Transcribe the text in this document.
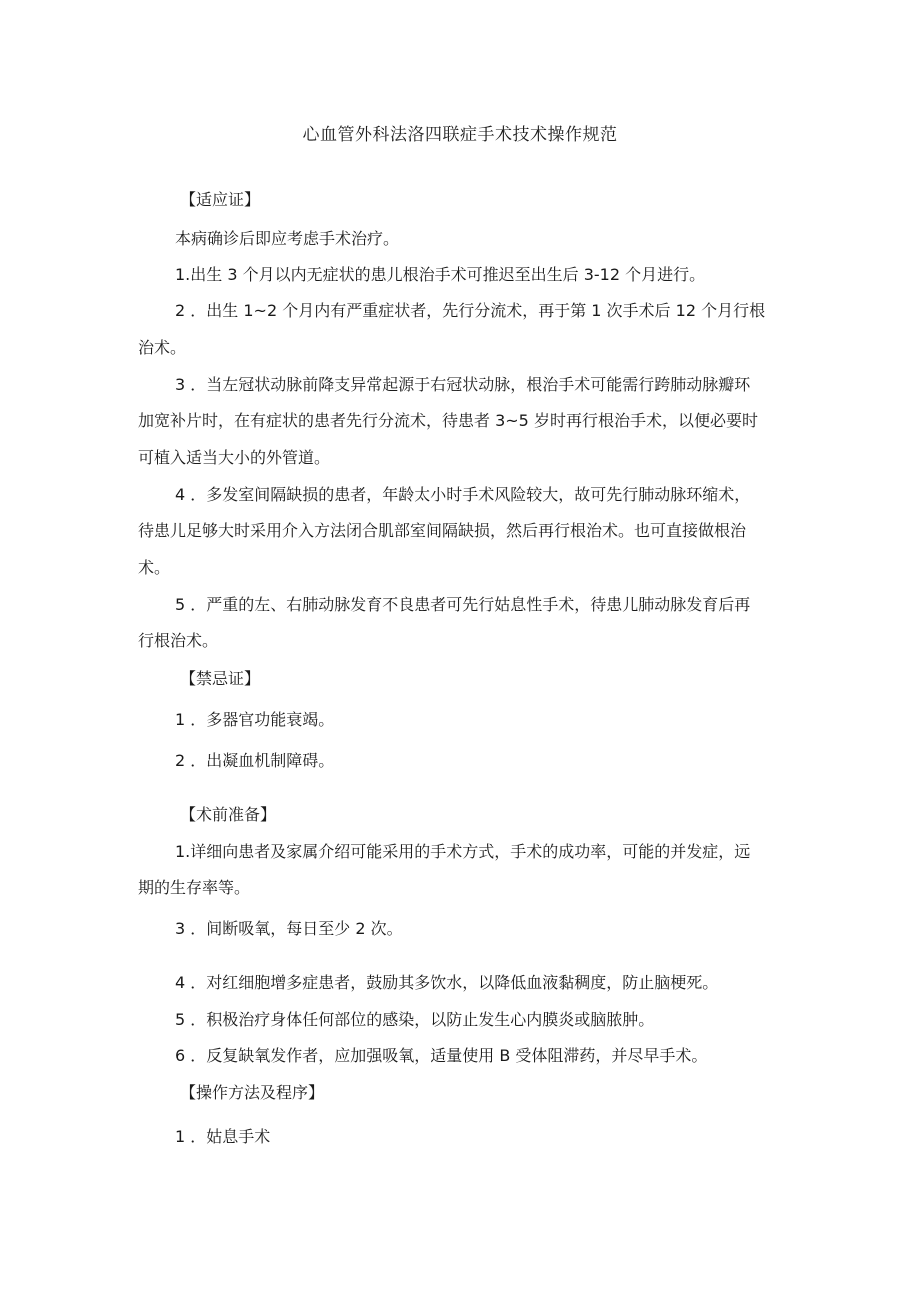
心血管外科法洛四联症手术技术操作规范
【适应证】
本病确诊后即应考虑手术治疗。
1.出生 3 个月以内无症状的患儿根治手术可推迟至出生后 3-12 个月进行。
2 ．出生 1~2 个月内有严重症状者，先行分流术，再于第 1 次手术后 12 个月行根
治术。
3 ．当左冠状动脉前降支异常起源于右冠状动脉，根治手术可能需行跨肺动脉瓣环
加宽补片时，在有症状的患者先行分流术，待患者 3~5 岁时再行根治手术，以便必要时
可植入适当大小的外管道。
4 ．多发室间隔缺损的患者，年龄太小时手术风险较大，故可先行肺动脉环缩术，
待患儿足够大时采用介入方法闭合肌部室间隔缺损，然后再行根治术。也可直接做根治
术。
5 ．严重的左、右肺动脉发育不良患者可先行姑息性手术，待患儿肺动脉发育后再
行根治术。
【禁忌证】
1 ．多器官功能衰竭。
2 ．出凝血机制障碍。
【术前准备】
1.详细向患者及家属介绍可能采用的手术方式，手术的成功率，可能的并发症，远
期的生存率等。
3 ．间断吸氧，每日至少 2 次。
4 ．对红细胞增多症患者，鼓励其多饮水，以降低血液黏稠度，防止脑梗死。
5 ．积极治疗身体任何部位的感染，以防止发生心内膜炎或脑脓肿。
6 ．反复缺氧发作者，应加强吸氧，适量使用 B 受体阻滞药，并尽早手术。
【操作方法及程序】
1 ．姑息手术
